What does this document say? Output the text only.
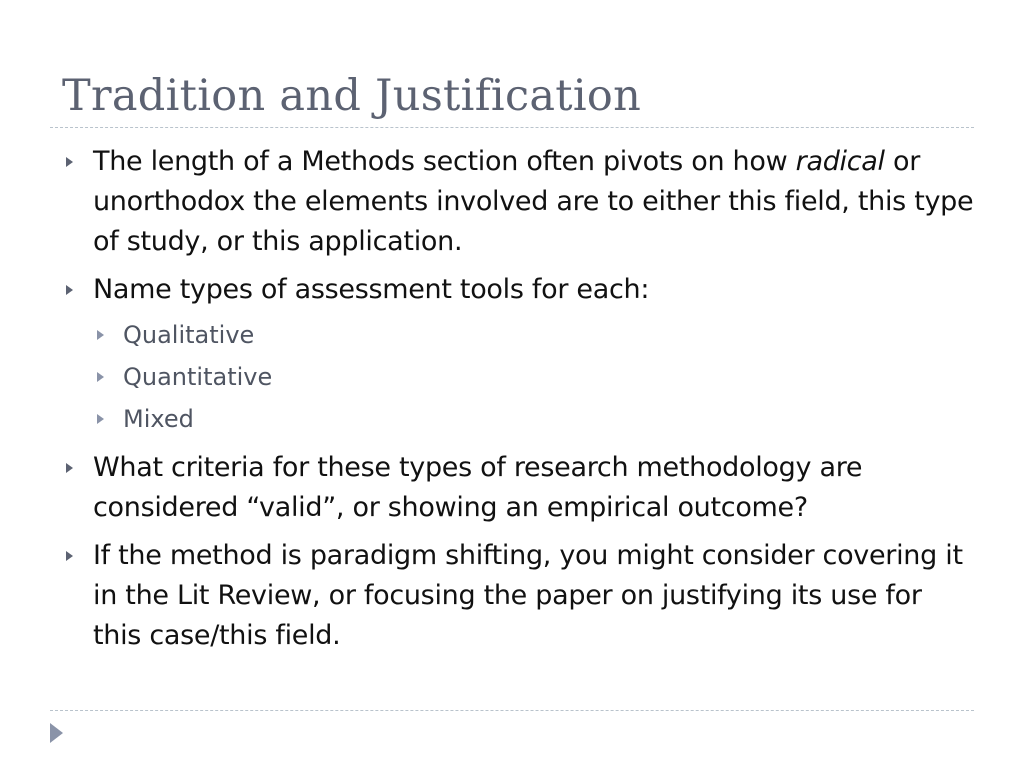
Tradition and Justification
The length of a Methods section often pivots on how radical or unorthodox the elements involved are to either this field, this type of study, or this application.
Name types of assessment tools for each:
Qualitative
Quantitative
Mixed
What criteria for these types of research methodology are considered “valid”, or showing an empirical outcome?
If the method is paradigm shifting, you might consider covering it in the Lit Review, or focusing the paper on justifying its use for this case/this field.
